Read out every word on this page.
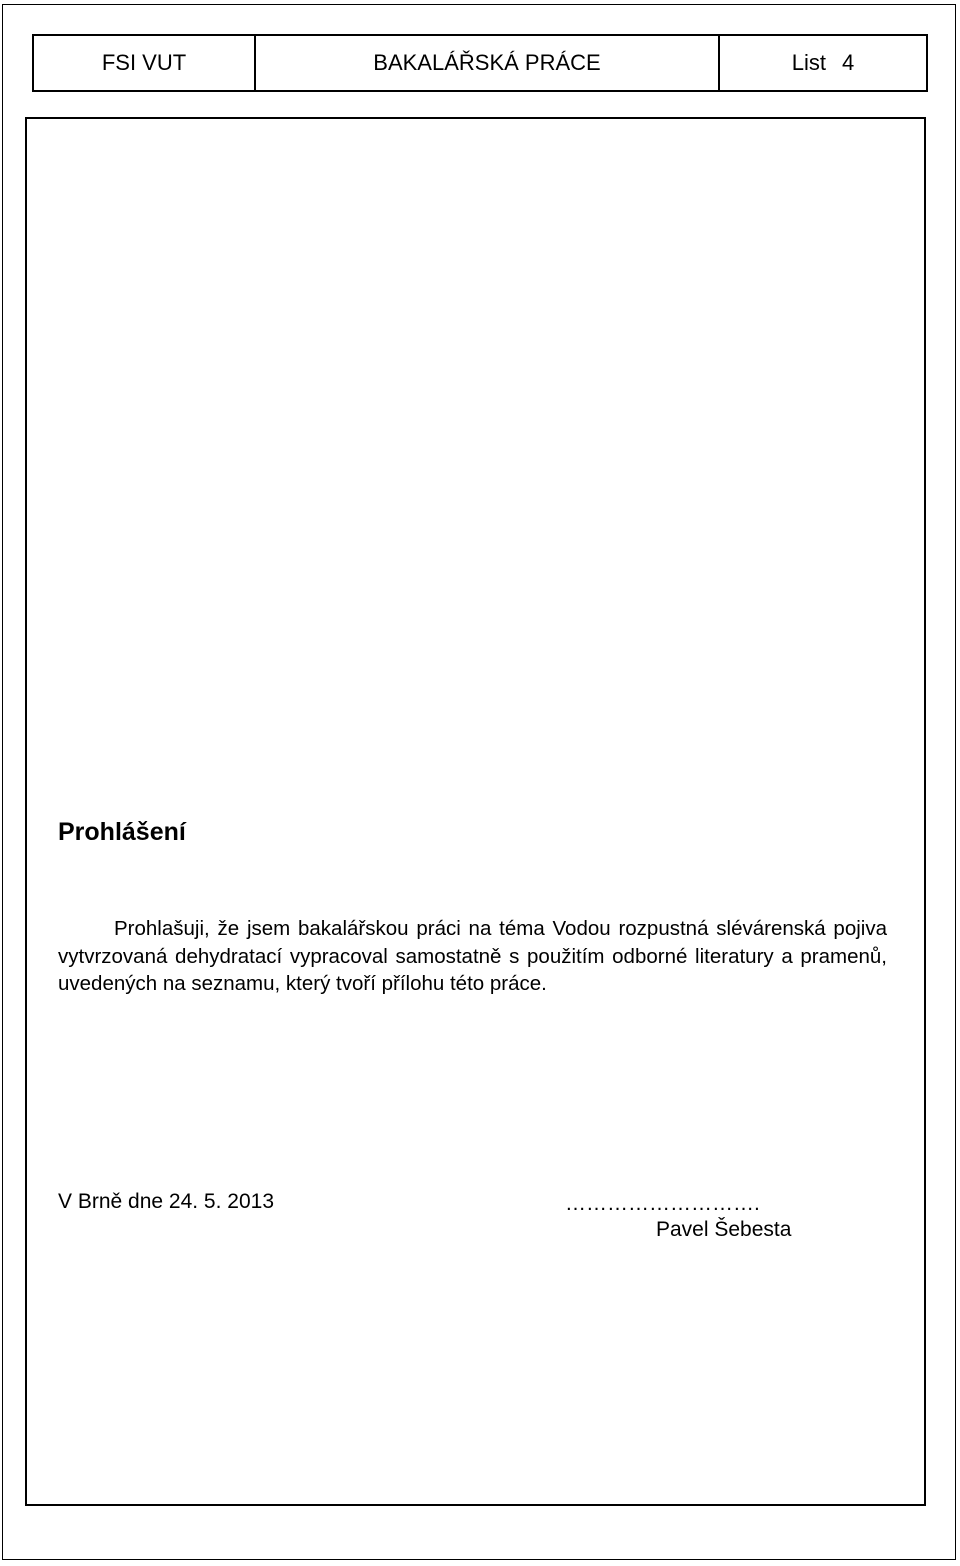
FSI VUT	BAKALÁŘSKÁ PRÁCE	List 4
Prohlášení

Prohlašuji, že jsem bakalářskou práci na téma Vodou rozpustná slévárenská pojiva vytvrzovaná dehydratací vypracoval samostatně s použitím odborné literatury a pramenů, uvedených na seznamu, který tvoří přílohu této práce.

V Brně dne 24. 5. 2013	……………………….
Pavel Šebesta
